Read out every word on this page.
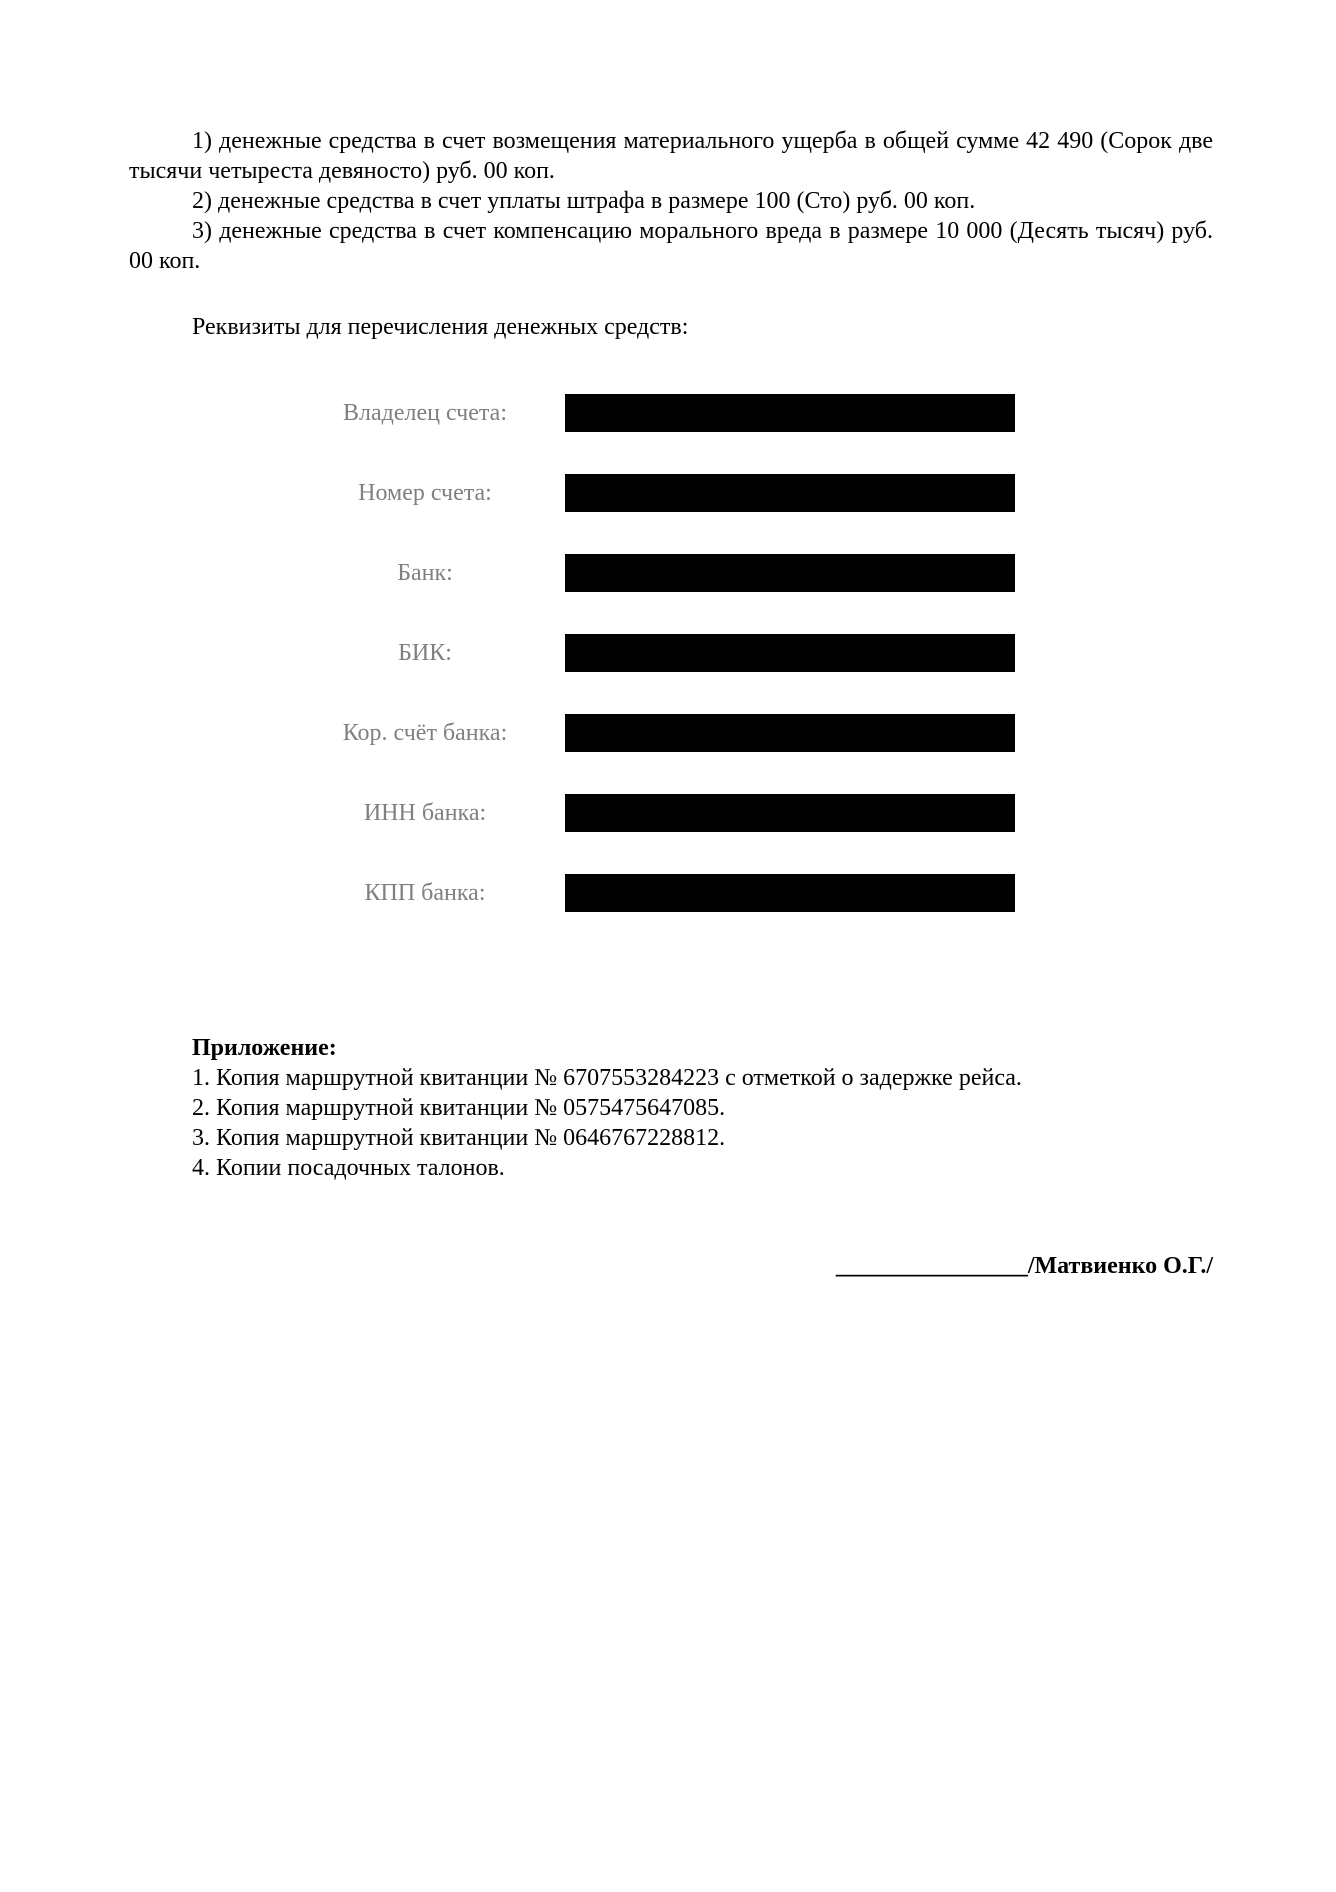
1) денежные средства в счет возмещения материального ущерба в общей сумме 42 490 (Сорок две тысячи четыреста девяносто) руб. 00 коп.

2) денежные средства в счет уплаты штрафа в размере 100 (Сто) руб. 00 коп.

3) денежные средства в счет компенсацию морального вреда в размере 10 000 (Десять тысяч) руб. 00 коп.

Реквизиты для перечисления денежных средств:

Владелец счета:
Номер счета:
Банк:
БИК:
Кор. счёт банка:
ИНН банка:
КПП банка:

Приложение:

1. Копия маршрутной квитанции № 6707553284223 с отметкой о задержке рейса.

2. Копия маршрутной квитанции № 0575475647085.

3. Копия маршрутной квитанции № 0646767228812.

4. Копии посадочных талонов.

________________/Матвиенко О.Г./
